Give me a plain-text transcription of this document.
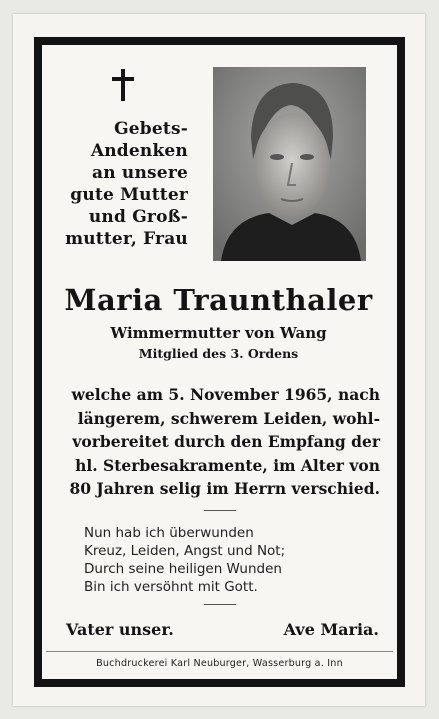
Gebets-
Andenken
an unsere
gute Mutter
und Groß-
mutter, Frau
Maria Traunthaler
Wimmermutter von Wang
Mitglied des 3. Ordens
welche am 5. November 1965, nach
längerem, schwerem Leiden, wohl-
vorbereitet durch den Empfang der
hl. Sterbesakramente, im Alter von
80 Jahren selig im Herrn verschied.
Nun hab ich überwunden
Kreuz, Leiden, Angst und Not;
Durch seine heiligen Wunden
Bin ich versöhnt mit Gott.
Vater unser.	Ave Maria.
Buchdruckerei Karl Neuburger, Wasserburg a. Inn
